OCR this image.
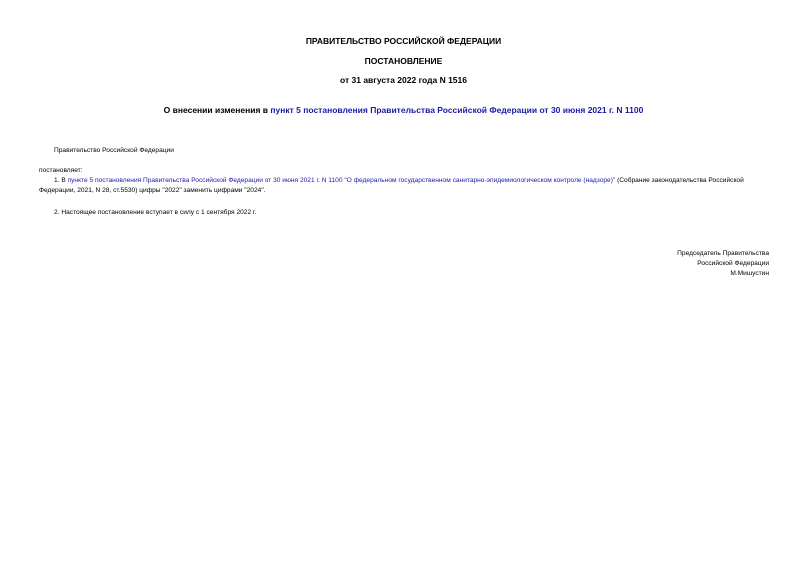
ПРАВИТЕЛЬСТВО РОССИЙСКОЙ ФЕДЕРАЦИИ
ПОСТАНОВЛЕНИЕ
от 31 августа 2022 года N 1516
О внесении изменения в пункт 5 постановления Правительства Российской Федерации от 30 июня 2021 г. N 1100
Правительство Российской Федерации
постановляет:
1. В пункте 5 постановления Правительства Российской Федерации от 30 июня 2021 г. N 1100 "О федеральном государственном санитарно-эпидемиологическом контроле (надзоре)" (Собрание законодательства Российской Федерации, 2021, N 28, ст.5530) цифры "2022" заменить цифрами "2024".
2. Настоящее постановление вступает в силу с 1 сентября 2022 г.
Председатель Правительства
Российской Федерации
М.Мишустин
